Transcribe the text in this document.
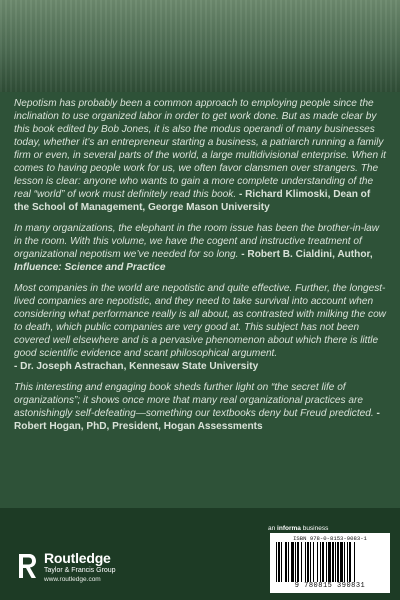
Nepotism has probably been a common approach to employing people since the inclination to use organized labor in order to get work done. But as made clear by this book edited by Bob Jones, it is also the modus operandi of many businesses today, whether it’s an entrepreneur starting a business, a patriarch running a family firm or even, in several parts of the world, a large multidivisional enterprise. When it comes to having people work for us, we often favor clansmen over strangers. The lesson is clear: anyone who wants to gain a more complete understanding of the real “world” of work must definitely read this book. - Richard Klimoski, Dean of the School of Management, George Mason University

In many organizations, the elephant in the room issue has been the brother-in-law in the room. With this volume, we have the cogent and instructive treatment of organizational nepotism we’ve needed for so long. - Robert B. Cialdini, Author, Influence: Science and Practice

Most companies in the world are nepotistic and quite effective. Further, the longest-lived companies are nepotistic, and they need to take survival into account when considering what performance really is all about, as contrasted with milking the cow to death, which public companies are very good at. This subject has not been covered well elsewhere and is a pervasive phenomenon about which there is little good scientific evidence and scant philosophical argument.
- Dr. Joseph Astrachan, Kennesaw State University

This interesting and engaging book sheds further light on “the secret life of organizations”; it shows once more that many real organizational practices are astonishingly self-defeating—something our textbooks deny but Freud predicted. - Robert Hogan, PhD, President, Hogan Assessments

Routledge
Taylor & Francis Group
www.routledge.com
an informa business
ISBN 978-0-8153-9083-1
9 780815 390831
